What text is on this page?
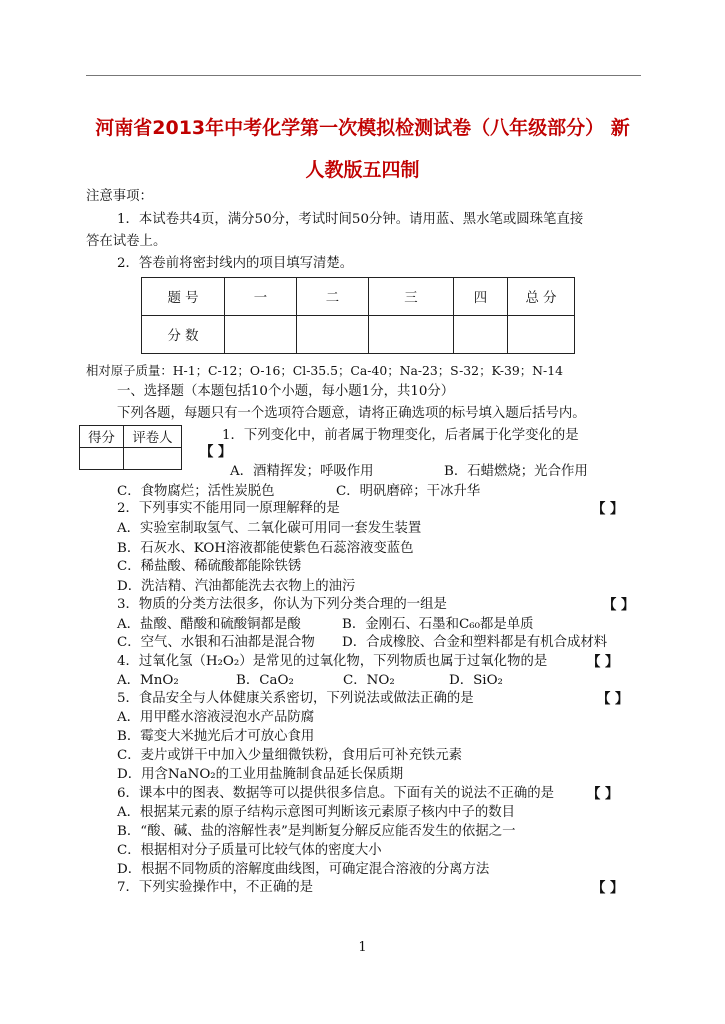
河南省2013年中考化学第一次模拟检测试卷（八年级部分） 新
人教版五四制
注意事项：
1．本试卷共4页，满分50分，考试时间50分钟。请用蓝、黑水笔或圆珠笔直接
答在试卷上。
2．答卷前将密封线内的项目填写清楚。
题 号	一	二	三	四	总 分
分 数					
相对原子质量：H-1；C-12；O-16；Cl-35.5；Ca-40；Na-23；S-32；K-39；N-14
一、选择题（本题包括10个小题，每小题1分，共10分）
下列各题，每题只有一个选项符合题意，请将正确选项的标号填入题后括号内。
得分	评卷人
		1．下列变化中，前者属于物理变化，后者属于化学变化的是
【 】
A．酒精挥发；呼吸作用	B．石蜡燃烧；光合作用
C．食物腐烂；活性炭脱色	C．明矾磨碎；干冰升华
2．下列事实不能用同一原理解释的是	【 】
A．实验室制取氢气、二氧化碳可用同一套发生装置
B．石灰水、KOH溶液都能使紫色石蕊溶液变蓝色
C．稀盐酸、稀硫酸都能除铁锈
D．洗洁精、汽油都能洗去衣物上的油污
3．物质的分类方法很多，你认为下列分类合理的一组是	【 】
A．盐酸、醋酸和硫酸铜都是酸	B．金刚石、石墨和C₆₀都是单质
C．空气、水银和石油都是混合物 D．合成橡胶、合金和塑料都是有机合成材料
4．过氧化氢（H₂O₂）是常见的过氧化物，下列物质也属于过氧化物的是	【 】
A．MnO₂	B．CaO₂	C．NO₂	D．SiO₂
5．食品安全与人体健康关系密切，下列说法或做法正确的是	【 】
A．用甲醛水溶液浸泡水产品防腐
B．霉变大米抛光后才可放心食用
C．麦片或饼干中加入少量细微铁粉，食用后可补充铁元素
D．用含NaNO₂的工业用盐腌制食品延长保质期
6．课本中的图表、数据等可以提供很多信息。下面有关的说法不正确的是 【 】
A．根据某元素的原子结构示意图可判断该元素原子核内中子的数目
B．“酸、碱、盐的溶解性表”是判断复分解反应能否发生的依据之一
C．根据相对分子质量可比较气体的密度大小
D．根据不同物质的溶解度曲线图，可确定混合溶液的分离方法
7．下列实验操作中，不正确的是	【 】
1
